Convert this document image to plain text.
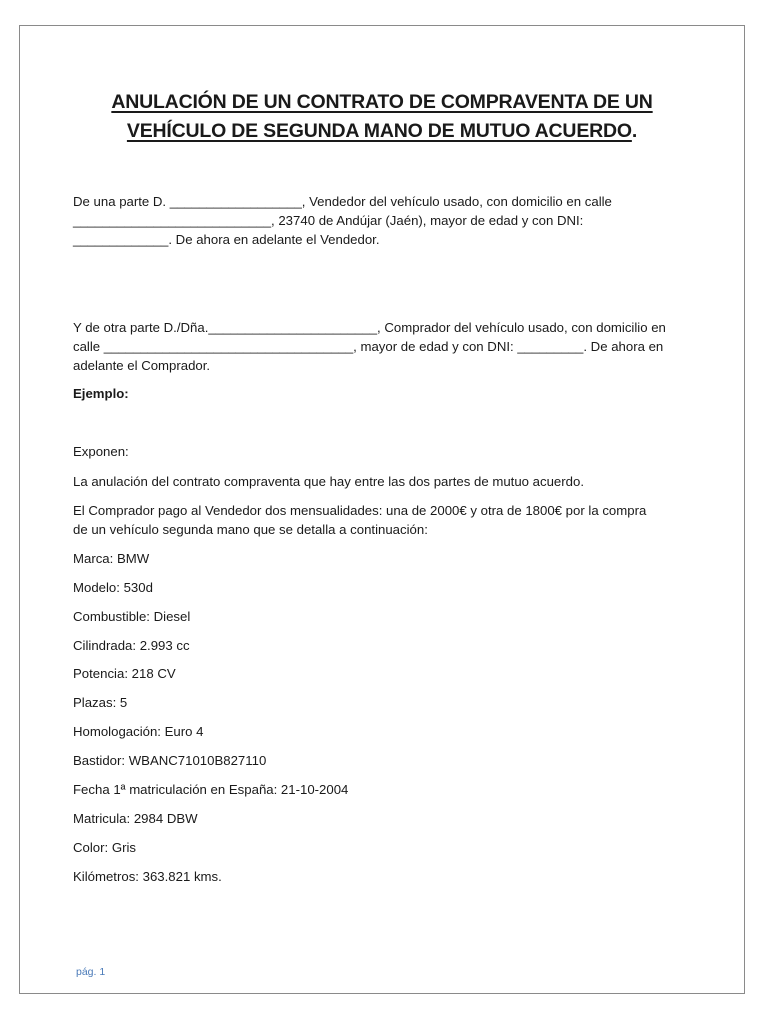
ANULACIÓN DE UN CONTRATO DE COMPRAVENTA DE UN
VEHÍCULO DE SEGUNDA MANO DE MUTUO ACUERDO.

De una parte D. __________________, Vendedor del vehículo usado, con domicilio en calle

___________________________, 23740 de Andújar (Jaén), mayor de edad y con DNI:

_____________. De ahora en adelante el Vendedor.

Y de otra parte D./Dña._______________________, Comprador del vehículo usado, con domicilio en

calle __________________________________, mayor de edad y con DNI: _________. De ahora en

adelante el Comprador.

Ejemplo:
Exponen:
La anulación del contrato compraventa que hay entre las dos partes de mutuo acuerdo.

El Comprador pago al Vendedor dos mensualidades: una de 2000€ y otra de 1800€ por la compra

de un vehículo segunda mano que se detalla a continuación:

Marca: BMW
Modelo: 530d
Combustible: Diesel
Cilindrada: 2.993 cc
Potencia: 218 CV
Plazas: 5
Homologación: Euro 4
Bastidor: WBANC71010B827110
Fecha 1ª matriculación en España: 21-10-2004
Matricula: 2984 DBW
Color: Gris
Kilómetros: 363.821 kms.
pág. 1
